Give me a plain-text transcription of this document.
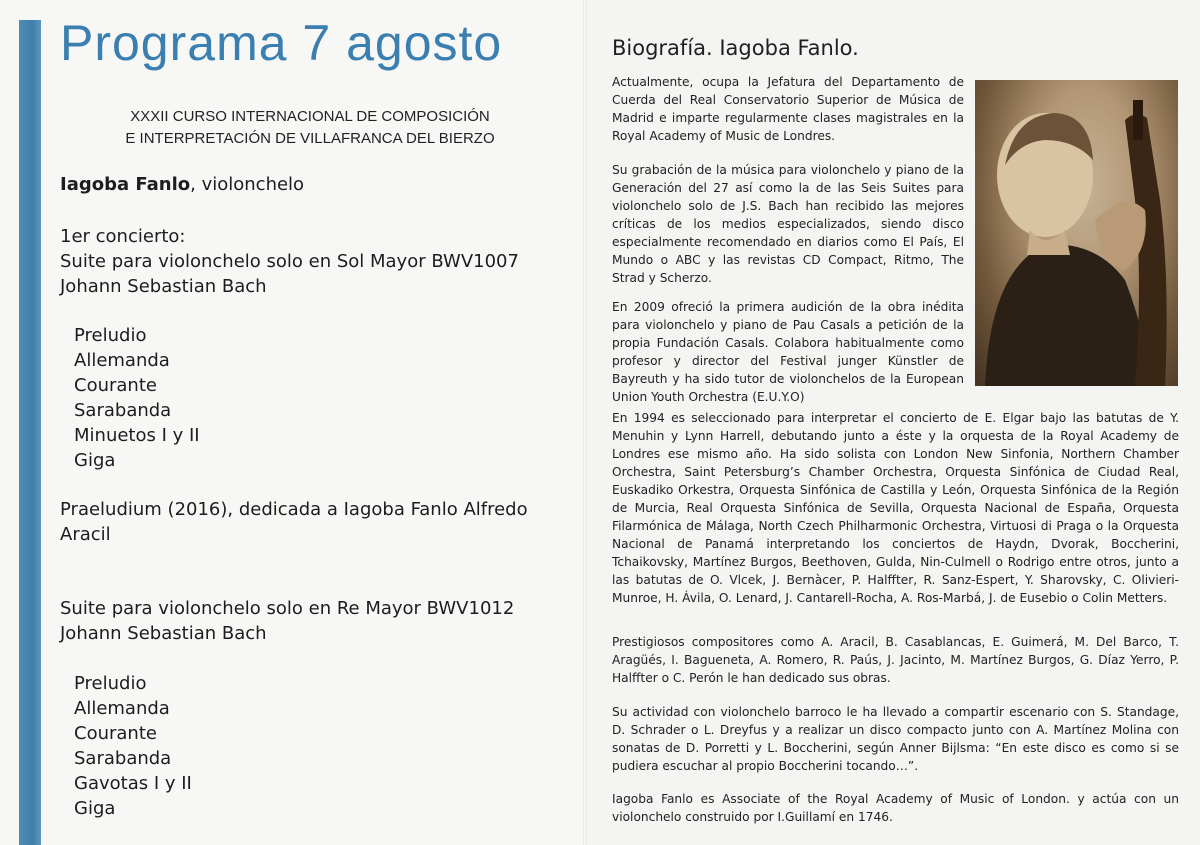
Programa 7 agosto
XXXII CURSO INTERNACIONAL DE COMPOSICIÓN
E INTERPRETACIÓN DE VILLAFRANCA DEL BIERZO
Iagoba Fanlo, violonchelo
1er concierto:
Suite para violonchelo solo en Sol Mayor BWV1007
Johann Sebastian Bach
Preludio
Allemanda
Courante
Sarabanda
Minuetos I y II
Giga
Praeludium (2016), dedicada a Iagoba Fanlo Alfredo
Aracil
Suite para violonchelo solo en Re Mayor BWV1012
Johann Sebastian Bach
Preludio
Allemanda
Courante
Sarabanda
Gavotas I y II
Giga
Biografía. Iagoba Fanlo.

Actualmente, ocupa la Jefatura del Departamento de Cuerda del Real Conservatorio Superior de Música de Madrid e imparte regularmente clases magistrales en la Royal Academy of Music de Londres.

Su grabación de la música para violonchelo y piano de la Generación del 27 así como la de las Seis Suites para violonchelo solo de J.S. Bach han recibido las mejores críticas de los medios especializados, siendo disco especialmente recomendado en diarios como El País, El Mundo o ABC y las revistas CD Compact, Ritmo, The Strad y Scherzo.

En 2009 ofreció la primera audición de la obra inédita para violonchelo y piano de Pau Casals a petición de la propia Fundación Casals. Colabora habitualmente como profesor y director del Festival junger Künstler de Bayreuth y ha sido tutor de violonchelos de la European Union Youth Orchestra (E.U.Y.O)

En 1994 es seleccionado para interpretar el concierto de E. Elgar bajo las batutas de Y. Menuhin y Lynn Harrell, debutando junto a éste y la orquesta de la Royal Academy de Londres ese mismo año. Ha sido solista con London New Sinfonia, Northern Chamber Orchestra, Saint Petersburg’s Chamber Orchestra, Orquesta Sinfónica de Ciudad Real, Euskadiko Orkestra, Orquesta Sinfónica de Castilla y León, Orquesta Sinfónica de la Región de Murcia, Real Orquesta Sinfónica de Sevilla, Orquesta Nacional de España, Orquesta Filarmónica de Málaga, North Czech Philharmonic Orchestra, Virtuosi di Praga o la Orquesta Nacional de Panamá interpretando los conciertos de Haydn, Dvorak, Boccherini, Tchaikovsky, Martínez Burgos, Beethoven, Gulda, Nin-Culmell o Rodrigo entre otros, junto a las batutas de O. Vlcek, J. Bernàcer, P. Halffter, R. Sanz-Espert, Y. Sharovsky, C. Olivieri-Munroe, H. Ávila, O. Lenard, J. Cantarell-Rocha, A. Ros-Marbá, J. de Eusebio o Colin Metters.

Prestigiosos compositores como A. Aracil, B. Casablancas, E. Guimerá, M. Del Barco, T. Aragüés, I. Baguenetа, A. Romero, R. Paús, J. Jacinto, M. Martínez Burgos, G. Díaz Yerro, P. Halffter o C. Perón le han dedicado sus obras.

Su actividad con violonchelo barroco le ha llevado a compartir escenario con S. Standage, D. Schrader o L. Dreyfus y a realizar un disco compacto junto con A. Martínez Molina con sonatas de D. Porretti y L. Boccherini, según Anner Bijlsma: “En este disco es como si se pudiera escuchar al propio Boccherini tocando…”.

Iagoba Fanlo es Associate of the Royal Academy of Music of London. y actúa con un violonchelo construido por I.Guillamí en 1746.
